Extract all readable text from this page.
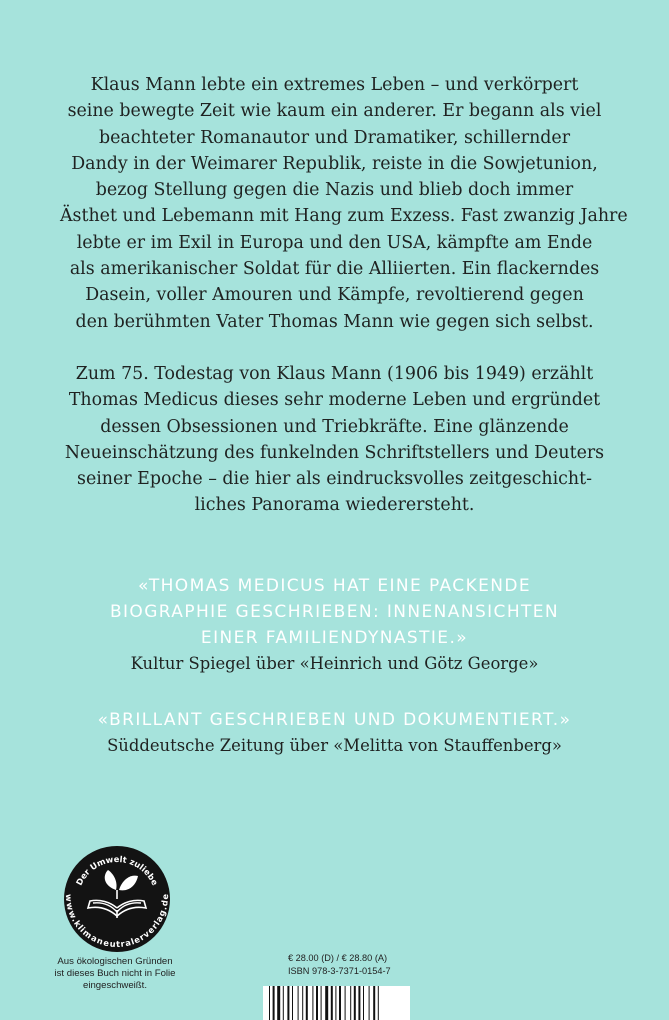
Klaus Mann lebte ein extremes Leben – und verkörpert
seine bewegte Zeit wie kaum ein anderer. Er begann als viel
beachteter Romanautor und Dramatiker, schillernder
Dandy in der Weimarer Republik, reiste in die Sowjetunion,
bezog Stellung gegen die Nazis und blieb doch immer
Ästhet und Lebemann mit Hang zum Exzess. Fast zwanzig Jahre
lebte er im Exil in Europa und den USA, kämpfte am Ende
als amerikanischer Soldat für die Alliierten. Ein flackerndes
Dasein, voller Amouren und Kämpfe, revoltierend gegen
den berühmten Vater Thomas Mann wie gegen sich selbst.
Zum 75. Todestag von Klaus Mann (1906 bis 1949) erzählt
Thomas Medicus dieses sehr moderne Leben und ergründet
dessen Obsessionen und Triebkräfte. Eine glänzende
Neueinschätzung des funkelnden Schriftstellers und Deuters
seiner Epoche – die hier als eindrucksvolles zeitgeschicht-
liches Panorama wiederersteht.
«THOMAS MEDICUS HAT EINE PACKENDE
BIOGRAPHIE GESCHRIEBEN: INNENANSICHTEN
EINER FAMILIENDYNASTIE.»
Kultur Spiegel über «Heinrich und Götz George»
«BRILLANT GESCHRIEBEN UND DOKUMENTIERT.»
Süddeutsche Zeitung über «Melitta von Stauffenberg»
Der Umwelt zuliebe
www.klimaneutralerverlag.de
Aus ökologischen Gründen
ist dieses Buch nicht in Folie
eingeschweißt.
€ 28.00 (D) / € 28.80 (A)
ISBN 978-3-7371-0154-7
